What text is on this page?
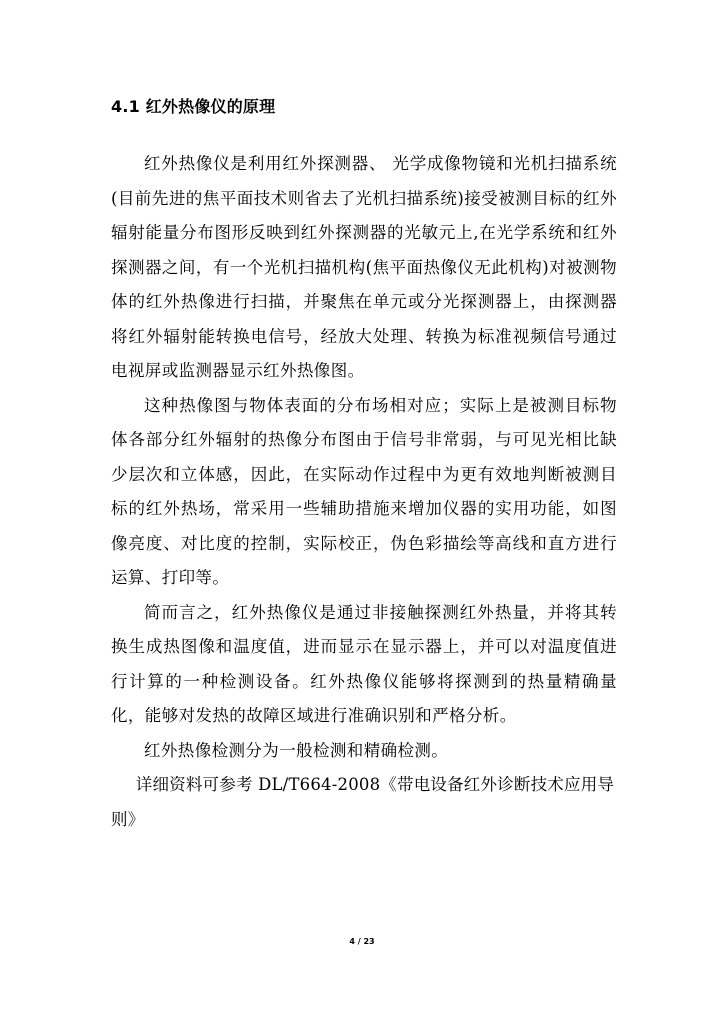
4.1 红外热像仪的原理

红外热像仪是利用红外探测器、 光学成像物镜和光机扫描系统(目前先进的焦平面技术则省去了光机扫描系统)接受被测目标的红外辐射能量分布图形反映到红外探测器的光敏元上,在光学系统和红外探测器之间，有一个光机扫描机构(焦平面热像仪无此机构)对被测物体的红外热像进行扫描，并聚焦在单元或分光探测器上，由探测器将红外辐射能转换电信号，经放大处理、转换为标准视频信号通过电视屏或监测器显示红外热像图。

这种热像图与物体表面的分布场相对应；实际上是被测目标物体各部分红外辐射的热像分布图由于信号非常弱，与可见光相比缺少层次和立体感，因此，在实际动作过程中为更有效地判断被测目标的红外热场，常采用一些辅助措施来增加仪器的实用功能，如图像亮度、对比度的控制，实际校正，伪色彩描绘等高线和直方进行运算、打印等。

简而言之，红外热像仪是通过非接触探测红外热量，并将其转换生成热图像和温度值，进而显示在显示器上，并可以对温度值进行计算的一种检测设备。红外热像仪能够将探测到的热量精确量化，能够对发热的故障区域进行准确识别和严格分析。

红外热像检测分为一般检测和精确检测。

详细资料可参考 DL/T664-2008《带电设备红外诊断技术应用导则》

4 / 23
